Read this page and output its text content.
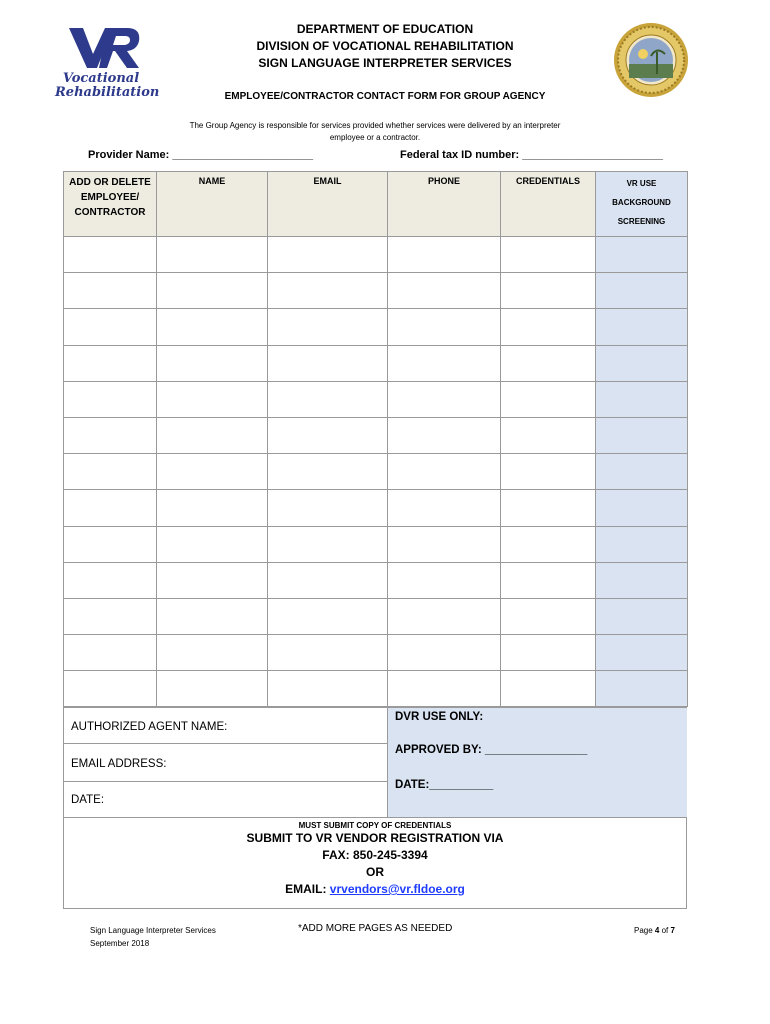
Vocational
Rehabilitation
DEPARTMENT OF EDUCATION
DIVISION OF VOCATIONAL REHABILITATION
SIGN LANGUAGE INTERPRETER SERVICES
EMPLOYEE/CONTRACTOR CONTACT FORM FOR GROUP AGENCY
The Group Agency is responsible for services provided whether services were delivered by an interpreter
employee or a contractor.
Provider Name: _______________________	Federal tax ID number: _______________________
ADD OR DELETE EMPLOYEE/ CONTRACTOR	NAME	EMAIL	PHONE	CREDENTIALS	VR USE
BACKGROUND
SCREENING

AUTHORIZED AGENT NAME:
EMAIL ADDRESS:
DATE:
DVR USE ONLY:
APPROVED BY: ________________
DATE:__________
MUST SUBMIT COPY OF CREDENTIALS
SUBMIT TO VR VENDOR REGISTRATION VIA
FAX: 850-245-3394
OR
EMAIL: vrvendors@vr.fldoe.org
Sign Language Interpreter Services
September 2018
*ADD MORE PAGES AS NEEDED	Page 4 of 7
